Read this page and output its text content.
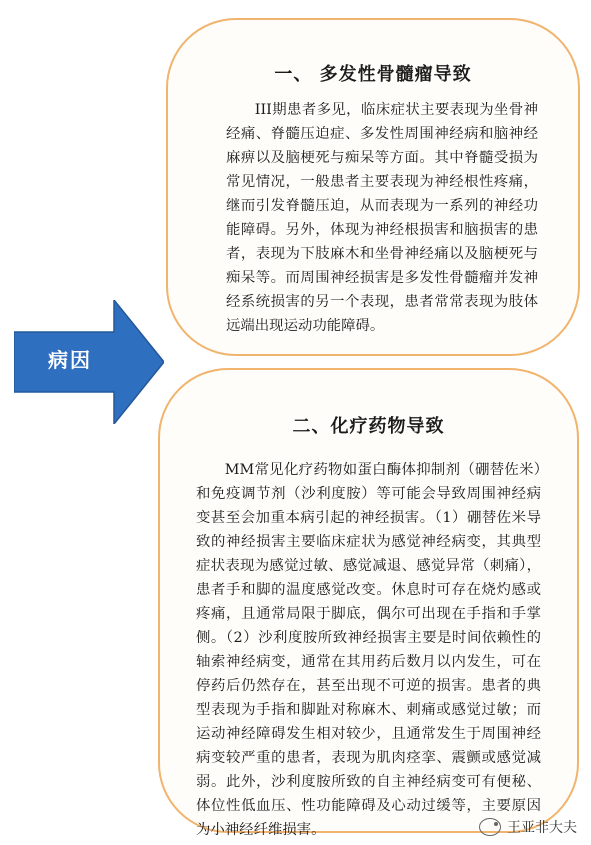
病因
一、 多发性骨髓瘤导致
III期患者多见，临床症状主要表现为坐骨神经痛、脊髓压迫症、多发性周围神经病和脑神经麻痹以及脑梗死与痴呆等方面。其中脊髓受损为常见情况，一般患者主要表现为神经根性疼痛，继而引发脊髓压迫，从而表现为一系列的神经功能障碍。另外，体现为神经根损害和脑损害的患者，表现为下肢麻木和坐骨神经痛以及脑梗死与痴呆等。而周围神经损害是多发性骨髓瘤并发神经系统损害的另一个表现，患者常常表现为肢体远端出现运动功能障碍。
二、化疗药物导致
MM常见化疗药物如蛋白酶体抑制剂（硼替佐米）和免疫调节剂（沙利度胺）等可能会导致周围神经病变甚至会加重本病引起的神经损害。（1）硼替佐米导致的神经损害主要临床症状为感觉神经病变，其典型症状表现为感觉过敏、感觉减退、感觉异常（刺痛），患者手和脚的温度感觉改变。休息时可存在烧灼感或疼痛，且通常局限于脚底，偶尔可出现在手指和手掌侧。（2）沙利度胺所致神经损害主要是时间依赖性的轴索神经病变，通常在其用药后数月以内发生，可在停药后仍然存在，甚至出现不可逆的损害。患者的典型表现为手指和脚趾对称麻木、刺痛或感觉过敏；而运动神经障碍发生相对较少，且通常发生于周围神经病变较严重的患者，表现为肌肉痉挛、震颤或感觉减弱。此外，沙利度胺所致的自主神经病变可有便秘、体位性低血压、性功能障碍及心动过缓等，主要原因为小神经纤维损害。	王亚非大夫
